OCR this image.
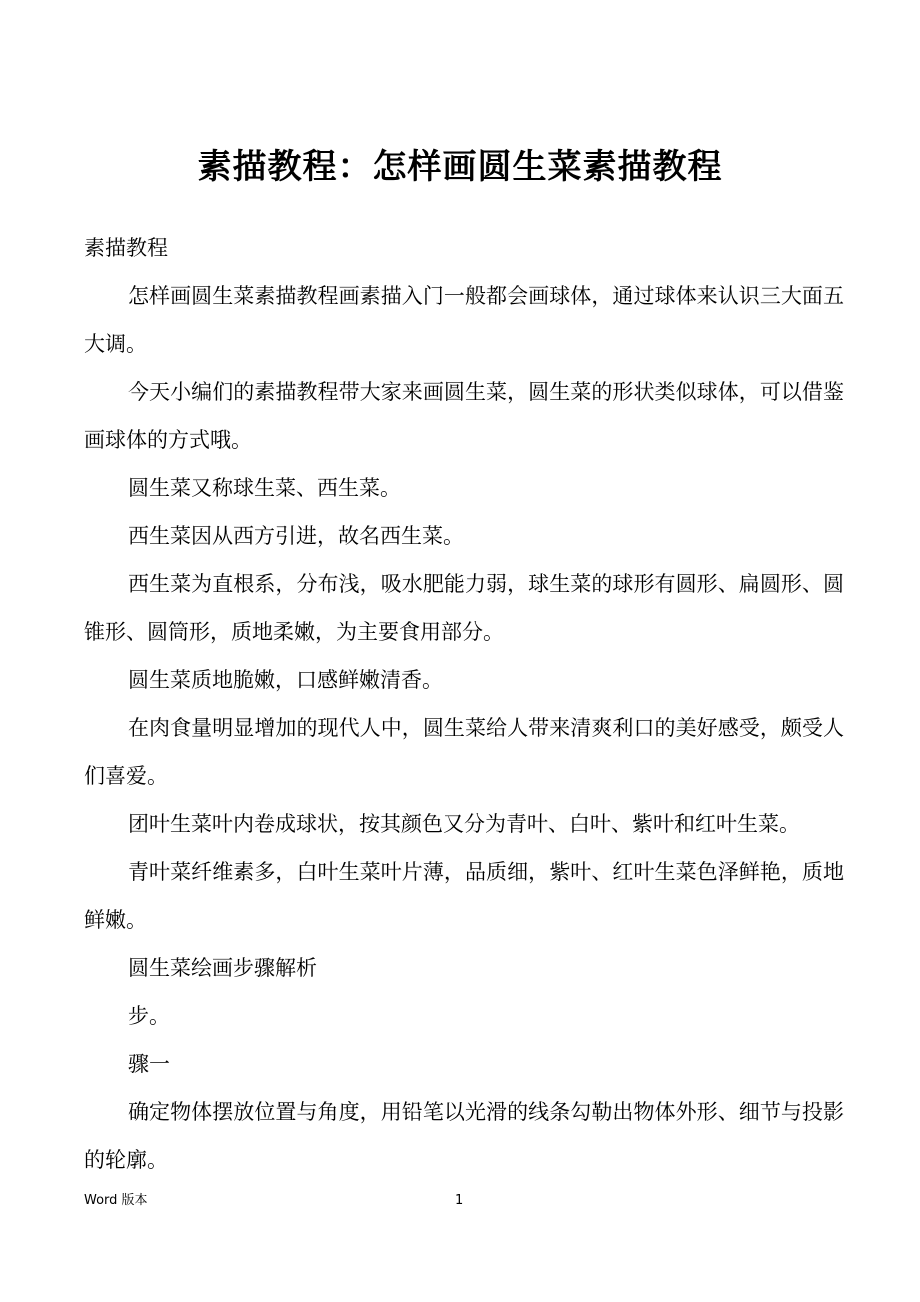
素描教程：怎样画圆生菜素描教程

素描教程

怎样画圆生菜素描教程画素描入门一般都会画球体，通过球体来认识三大面五大调。

今天小编们的素描教程带大家来画圆生菜，圆生菜的形状类似球体，可以借鉴画球体的方式哦。

圆生菜又称球生菜、西生菜。

西生菜因从西方引进，故名西生菜。

西生菜为直根系，分布浅，吸水肥能力弱，球生菜的球形有圆形、扁圆形、圆锥形、圆筒形，质地柔嫩，为主要食用部分。

圆生菜质地脆嫩，口感鲜嫩清香。

在肉食量明显增加的现代人中，圆生菜给人带来清爽利口的美好感受，颇受人们喜爱。

团叶生菜叶内卷成球状，按其颜色又分为青叶、白叶、紫叶和红叶生菜。

青叶菜纤维素多，白叶生菜叶片薄，品质细，紫叶、红叶生菜色泽鲜艳，质地鲜嫩。

圆生菜绘画步骤解析

步。

骤一

确定物体摆放位置与角度，用铅笔以光滑的线条勾勒出物体外形、细节与投影的轮廓。

Word 版本	1
